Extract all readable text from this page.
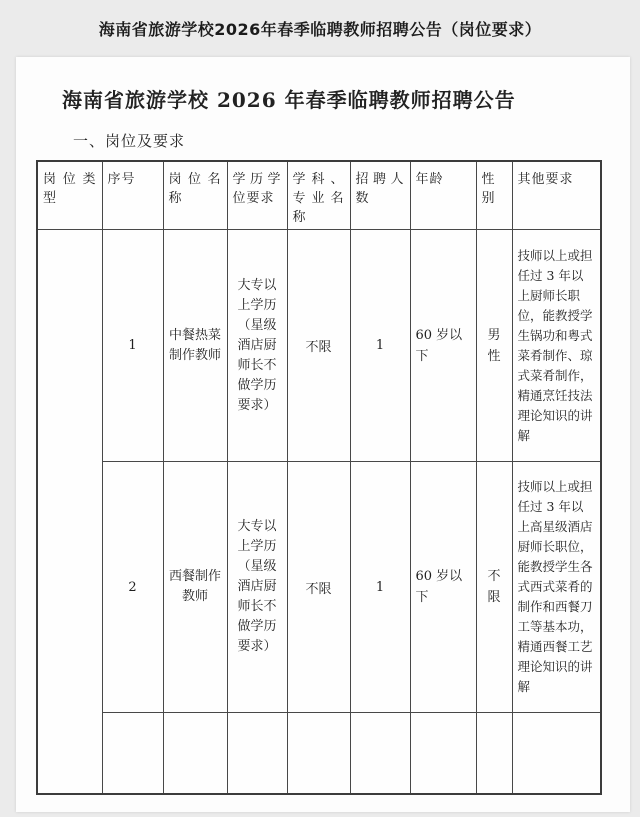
海南省旅游学校2026年春季临聘教师招聘公告（岗位要求）
海南省旅游学校 2026 年春季临聘教师招聘公告
一、岗位及要求
岗位类型	序号	岗位名称	学历学位要求	学科、专业名称	招聘人数	年龄	性别	其他要求
	1	中餐热菜制作教师	大专以上学历（星级酒店厨师长不做学历要求）	不限	1	60 岁以下	男性	技师以上或担任过 3 年以上厨师长职位，能教授学生锅功和粤式菜肴制作、琼式菜肴制作，精通烹饪技法理论知识的讲解
	2	西餐制作教师	大专以上学历（星级酒店厨师长不做学历要求）	不限	1	60 岁以下	不限	技师以上或担任过 3 年以上高星级酒店厨师长职位，能教授学生各式西式菜肴的制作和西餐刀工等基本功，精通西餐工艺理论知识的讲解
